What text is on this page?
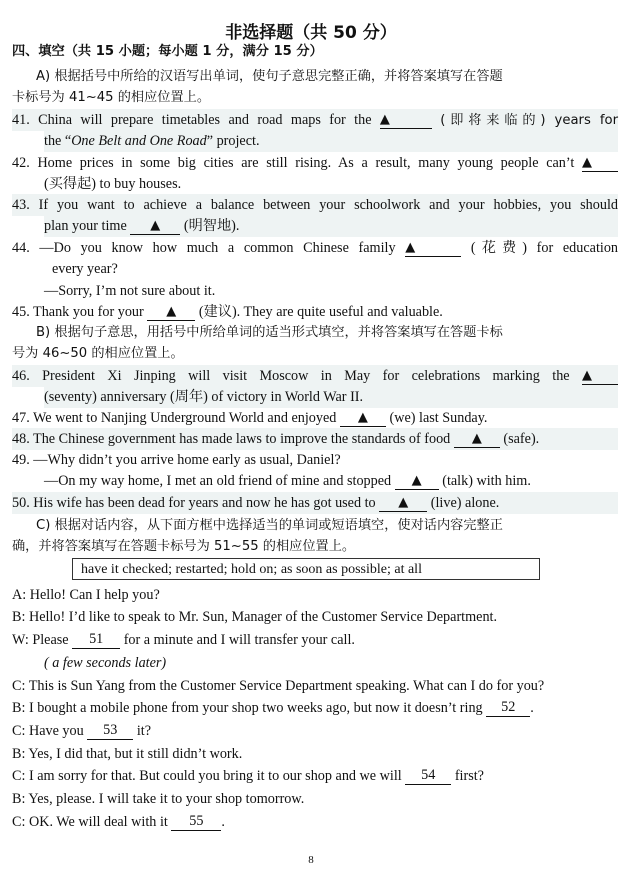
非选择题（共 50 分）
四、填空（共 15 小题；每小题 1 分，满分 15 分）
A) 根据括号中所给的汉语写出单词，使句子意思完整正确，并将答案填写在答题
卡标号为 41~45 的相应位置上。
41. China will prepare timetables and road maps for the ▲	(即将来临的) years for
the “One Belt and One Road” project.
42. Home prices in some big cities are still rising. As a result, many young people can’t ▲
(买得起) to buy houses.
43. If you want to achieve a balance between your schoolwork and your hobbies, you should
plan your time ▲ (明智地).
44. —Do you know how much a common Chinese family ▲	(花费) for education
every year?
—Sorry, I’m not sure about it.
45. Thank you for your ▲ (建议). They are quite useful and valuable.
B) 根据句子意思，用括号中所给单词的适当形式填空，并将答案填写在答题卡标
号为 46~50 的相应位置上。
46. President Xi Jinping will visit Moscow in May for celebrations marking the ▲
(seventy) anniversary (周年) of victory in World War II.
47. We went to Nanjing Underground World and enjoyed ▲ (we) last Sunday.
48. The Chinese government has made laws to improve the standards of food ▲ (safe).
49. —Why didn’t you arrive home early as usual, Daniel?
—On my way home, I met an old friend of mine and stopped ▲ (talk) with him.
50. His wife has been dead for years and now he has got used to ▲ (live) alone.
C) 根据对话内容，从下面方框中选择适当的单词或短语填空，使对话内容完整正
确，并将答案填写在答题卡标号为 51~55 的相应位置上。
have it checked; restarted; hold on; as soon as possible; at all
A: Hello! Can I help you?
B: Hello! I’d like to speak to Mr. Sun, Manager of the Customer Service Department.
W: Please 51 for a minute and I will transfer your call.
( a few seconds later)
C: This is Sun Yang from the Customer Service Department speaking. What can I do for you?
B: I bought a mobile phone from your shop two weeks ago, but now it doesn’t ring 52 .
C: Have you 53 it?
B: Yes, I did that, but it still didn’t work.
C: I am sorry for that. But could you bring it to our shop and we will 54 first?
B: Yes, please. I will take it to your shop tomorrow.
C: OK. We will deal with it 55 .
8
